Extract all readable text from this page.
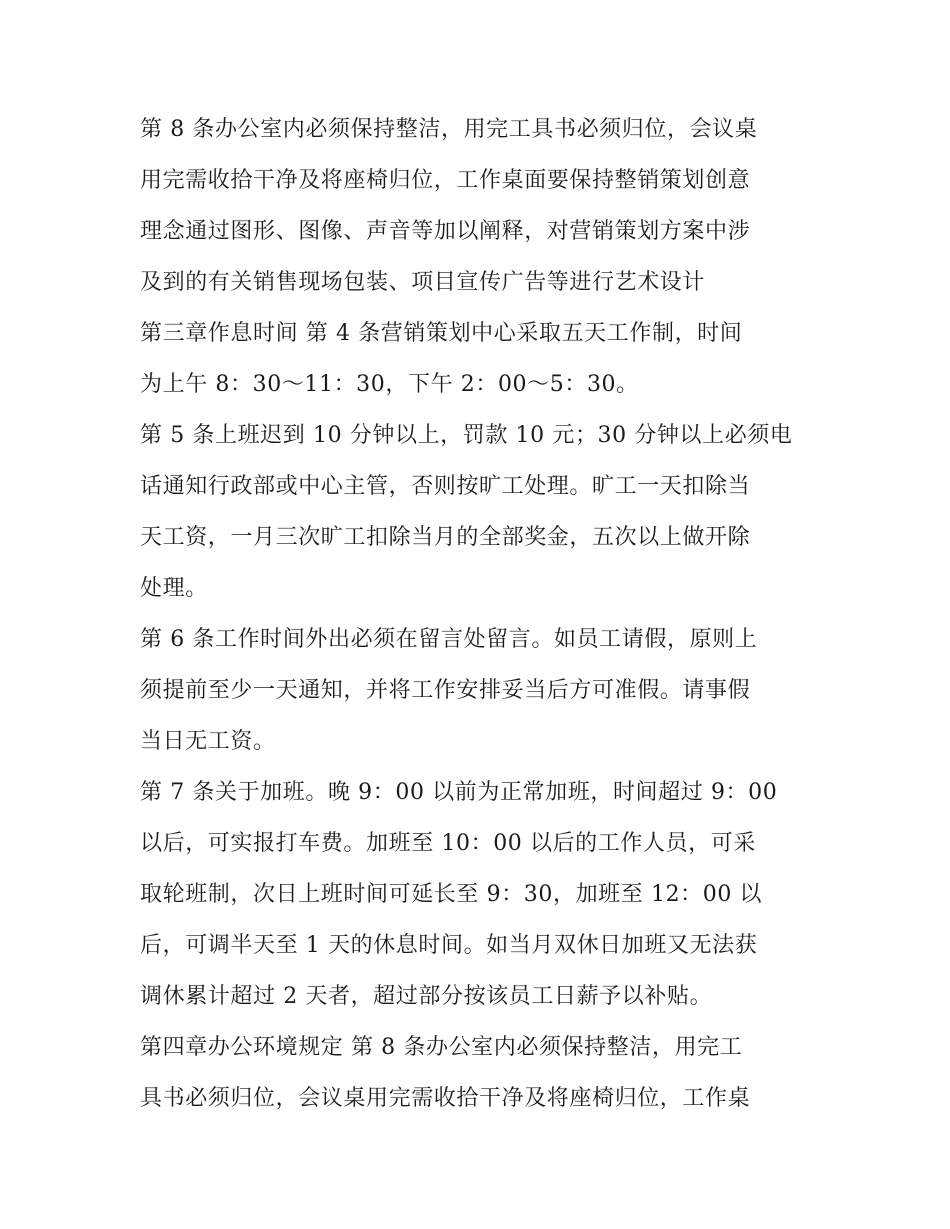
第 8 条办公室内必须保持整洁，用完工具书必须归位，会议桌
用完需收拾干净及将座椅归位，工作桌面要保持整销策划创意
理念通过图形、图像、声音等加以阐释，对营销策划方案中涉
及到的有关销售现场包装、项目宣传广告等进行艺术设计
第三章作息时间 第 4 条营销策划中心采取五天工作制，时间
为上午 8：30～11：30，下午 2：00～5：30。
第 5 条上班迟到 10 分钟以上，罚款 10 元；30 分钟以上必须电
话通知行政部或中心主管，否则按旷工处理。旷工一天扣除当
天工资，一月三次旷工扣除当月的全部奖金，五次以上做开除
处理。
第 6 条工作时间外出必须在留言处留言。如员工请假，原则上
须提前至少一天通知，并将工作安排妥当后方可准假。请事假
当日无工资。
第 7 条关于加班。晚 9：00 以前为正常加班，时间超过 9：00
以后，可实报打车费。加班至 10：00 以后的工作人员，可采
取轮班制，次日上班时间可延长至 9：30，加班至 12：00 以
后，可调半天至 1 天的休息时间。如当月双休日加班又无法获
调休累计超过 2 天者，超过部分按该员工日薪予以补贴。
第四章办公环境规定 第 8 条办公室内必须保持整洁，用完工
具书必须归位，会议桌用完需收拾干净及将座椅归位，工作桌
